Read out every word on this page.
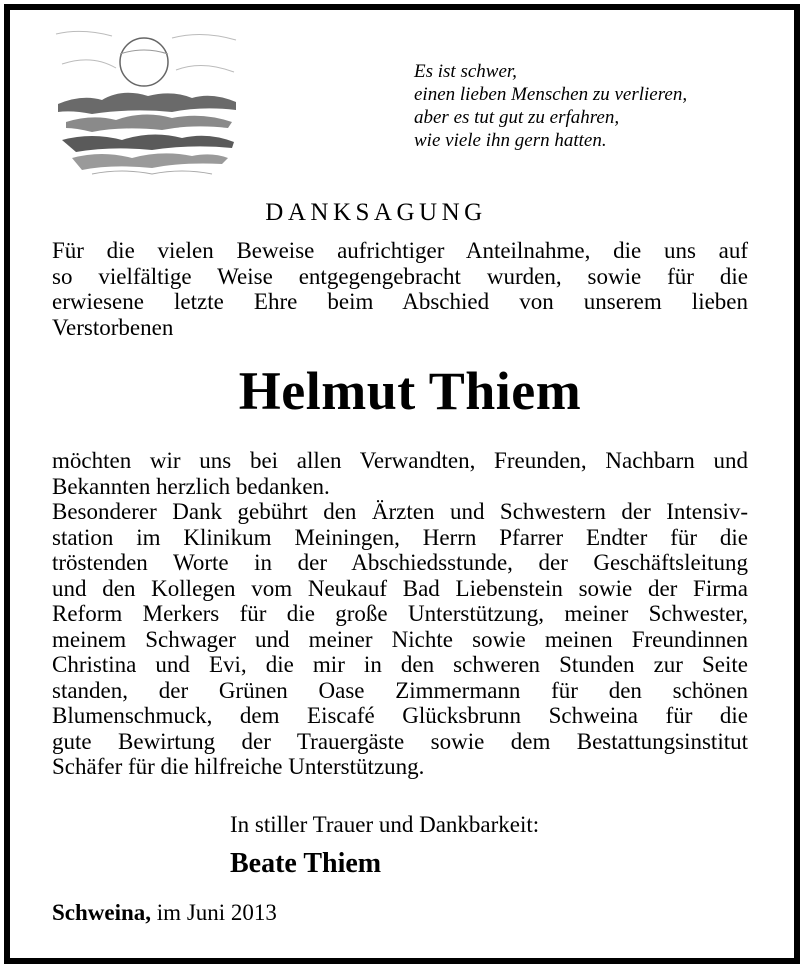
Es ist schwer,
einen lieben Menschen zu verlieren,
aber es tut gut zu erfahren,
wie viele ihn gern hatten.
DANKSAGUNG
Für die vielen Beweise aufrichtiger Anteilnahme, die uns auf
so vielfältige Weise entgegengebracht wurden, sowie für die
erwiesene letzte Ehre beim Abschied von unserem lieben
Verstorbenen
Helmut Thiem
möchten wir uns bei allen Verwandten, Freunden, Nachbarn und
Bekannten herzlich bedanken.
Besonderer Dank gebührt den Ärzten und Schwestern der Intensiv-
station im Klinikum Meiningen, Herrn Pfarrer Endter für die
tröstenden Worte in der Abschiedsstunde, der Geschäftsleitung
und den Kollegen vom Neukauf Bad Liebenstein sowie der Firma
Reform Merkers für die große Unterstützung, meiner Schwester,
meinem Schwager und meiner Nichte sowie meinen Freundinnen
Christina und Evi, die mir in den schweren Stunden zur Seite
standen, der Grünen Oase Zimmermann für den schönen
Blumenschmuck, dem Eiscafé Glücksbrunn Schweina für die
gute Bewirtung der Trauergäste sowie dem Bestattungsinstitut
Schäfer für die hilfreiche Unterstützung.
In stiller Trauer und Dankbarkeit:
Beate Thiem
Schweina, im Juni 2013
